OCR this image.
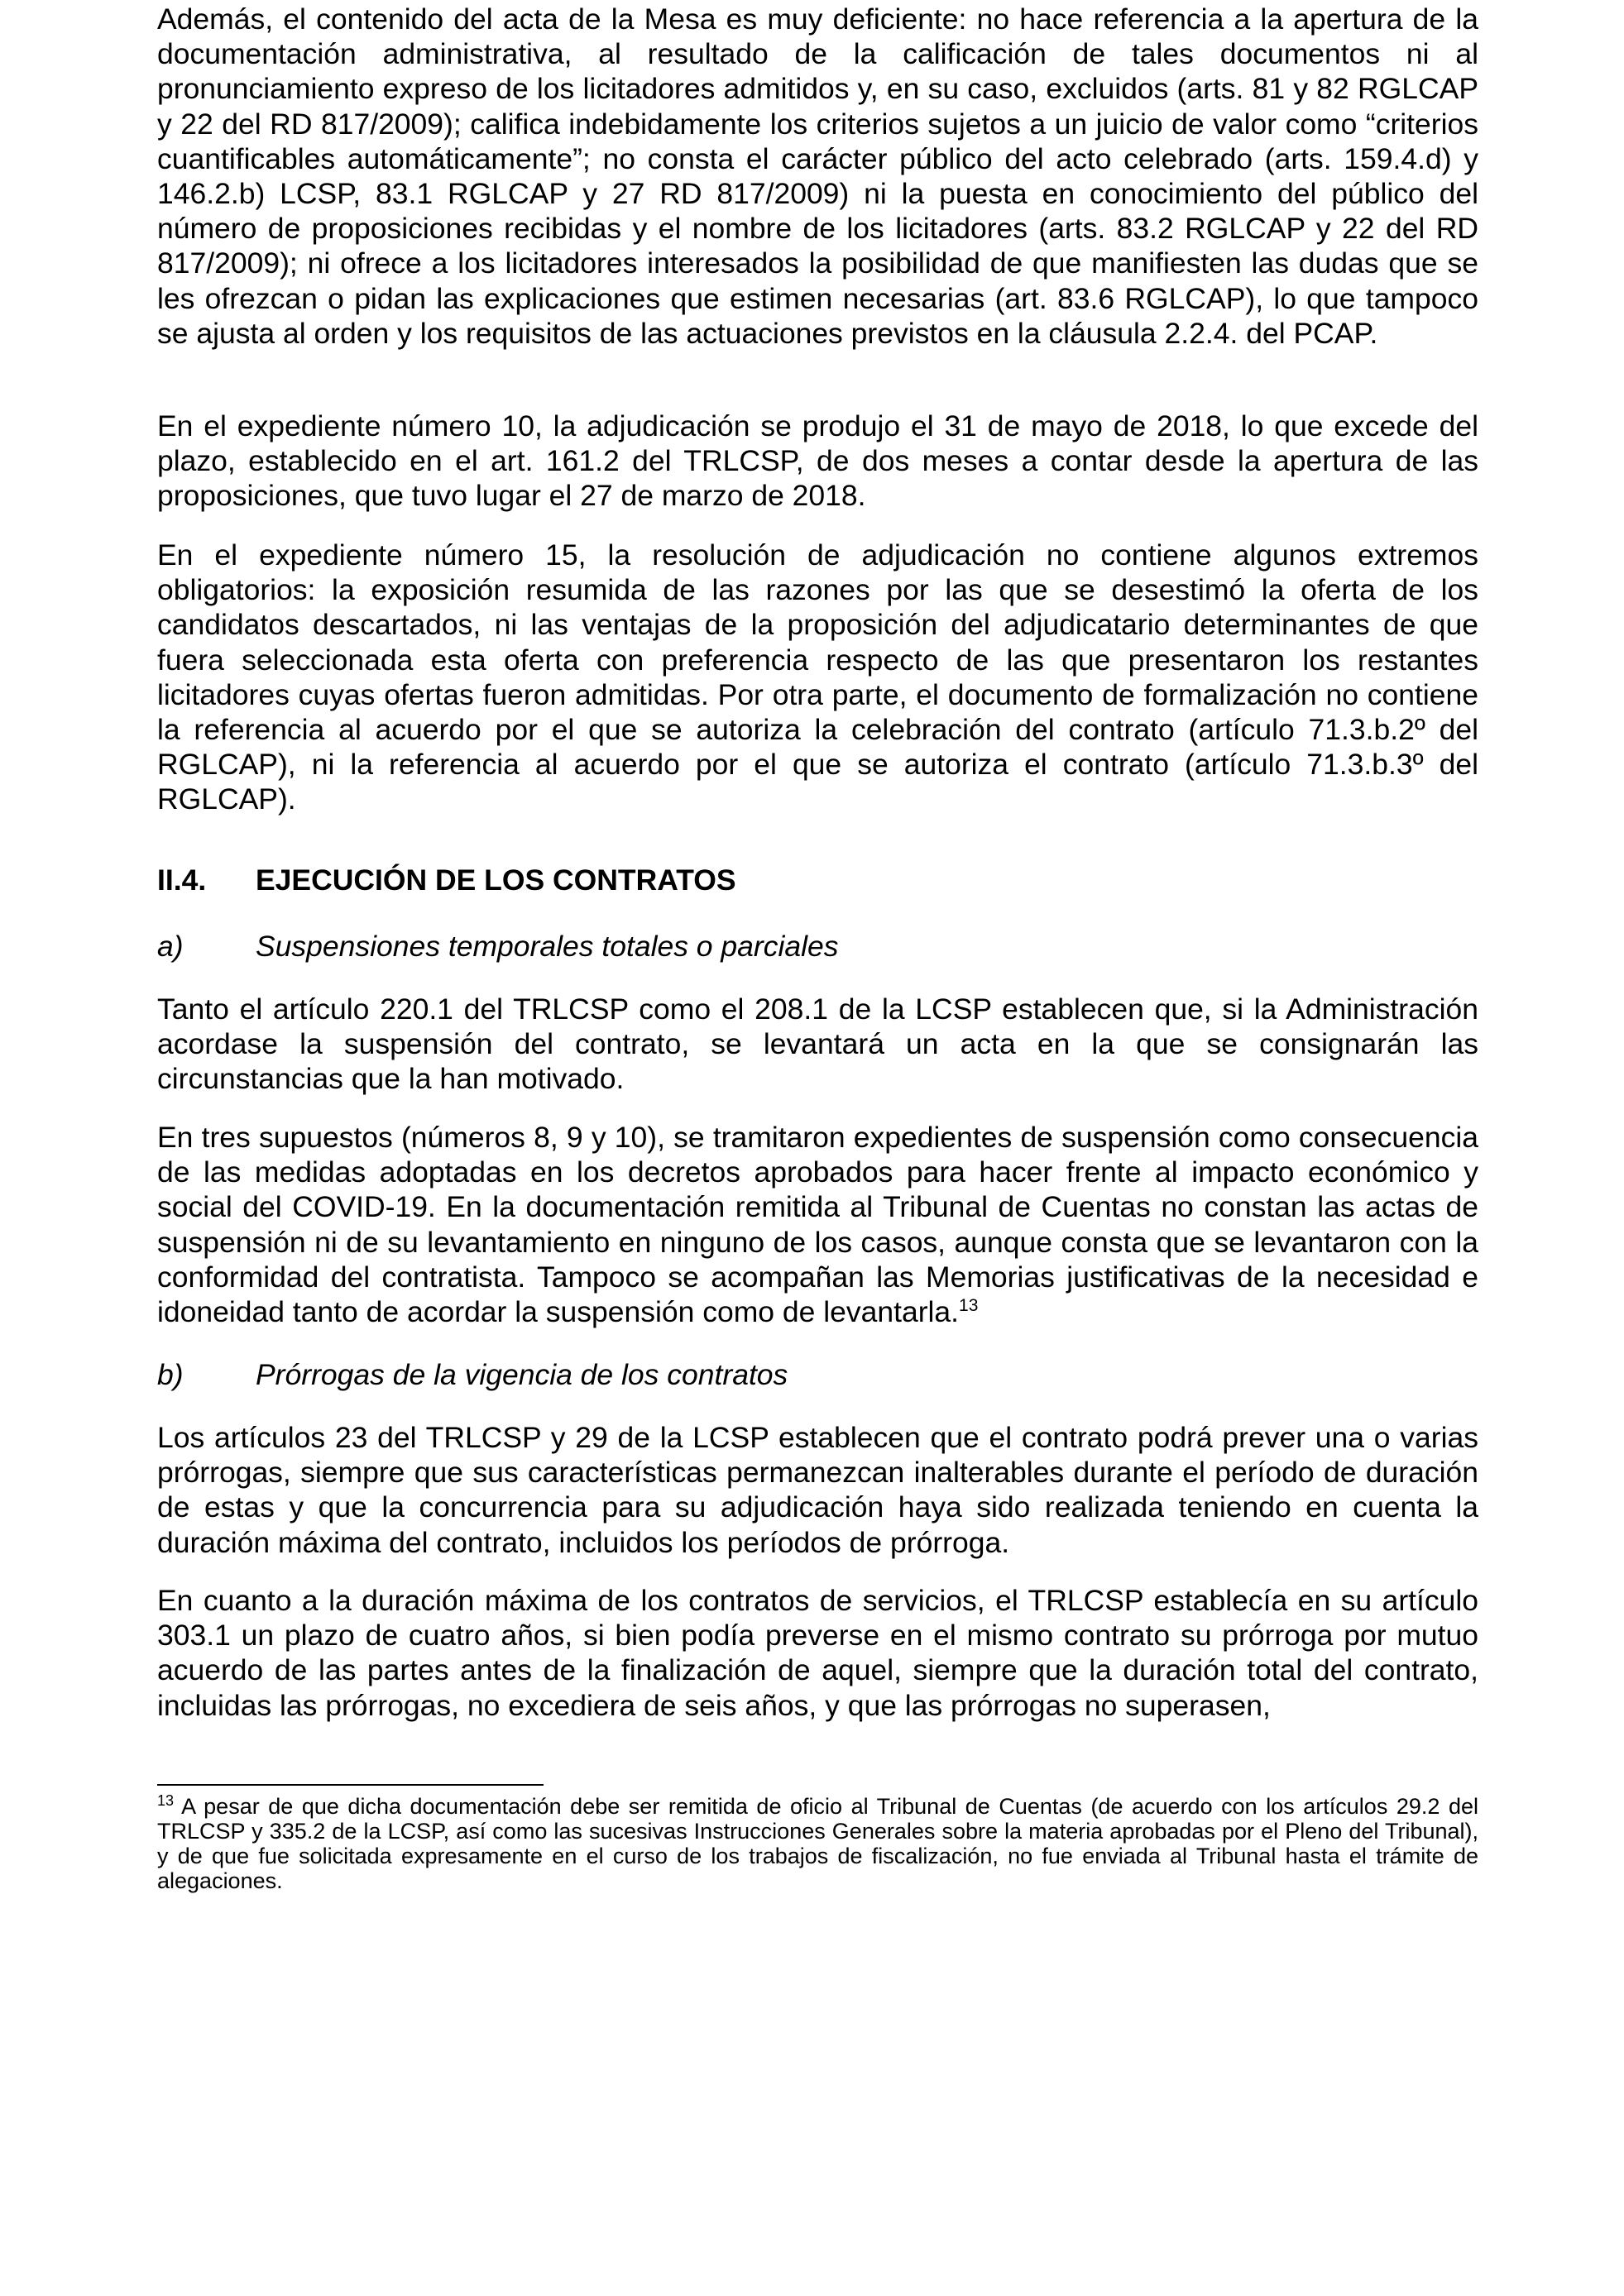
Además, el contenido del acta de la Mesa es muy deficiente: no hace referencia a la apertura de la documentación administrativa, al resultado de la calificación de tales documentos ni al pronunciamiento expreso de los licitadores admitidos y, en su caso, excluidos (arts. 81 y 82 RGLCAP y 22 del RD 817/2009); califica indebidamente los criterios sujetos a un juicio de valor como “criterios cuantificables automáticamente”; no consta el carácter público del acto celebrado (arts. 159.4.d) y 146.2.b) LCSP, 83.1 RGLCAP y 27 RD 817/2009) ni la puesta en conocimiento del público del número de proposiciones recibidas y el nombre de los licitadores (arts. 83.2 RGLCAP y 22 del RD 817/2009); ni ofrece a los licitadores interesados la posibilidad de que manifiesten las dudas que se les ofrezcan o pidan las explicaciones que estimen necesarias (art. 83.6 RGLCAP), lo que tampoco se ajusta al orden y los requisitos de las actuaciones previstos en la cláusula 2.2.4. del PCAP.

En el expediente número 10, la adjudicación se produjo el 31 de mayo de 2018, lo que excede del plazo, establecido en el art. 161.2 del TRLCSP, de dos meses a contar desde la apertura de las proposiciones, que tuvo lugar el 27 de marzo de 2018.

En el expediente número 15, la resolución de adjudicación no contiene algunos extremos obligatorios: la exposición resumida de las razones por las que se desestimó la oferta de los candidatos descartados, ni las ventajas de la proposición del adjudicatario determinantes de que fuera seleccionada esta oferta con preferencia respecto de las que presentaron los restantes licitadores cuyas ofertas fueron admitidas. Por otra parte, el documento de formalización no contiene la referencia al acuerdo por el que se autoriza la celebración del contrato (artículo 71.3.b.2º del RGLCAP), ni la referencia al acuerdo por el que se autoriza el contrato (artículo 71.3.b.3º del RGLCAP).

II.4.	EJECUCIÓN DE LOS CONTRATOS
a)	Suspensiones temporales totales o parciales

Tanto el artículo 220.1 del TRLCSP como el 208.1 de la LCSP establecen que, si la Administración acordase la suspensión del contrato, se levantará un acta en la que se consignarán las circunstancias que la han motivado.

En tres supuestos (números 8, 9 y 10), se tramitaron expedientes de suspensión como consecuencia de las medidas adoptadas en los decretos aprobados para hacer frente al impacto económico y social del COVID-19. En la documentación remitida al Tribunal de Cuentas no constan las actas de suspensión ni de su levantamiento en ninguno de los casos, aunque consta que se levantaron con la conformidad del contratista. Tampoco se acompañan las Memorias justificativas de la necesidad e idoneidad tanto de acordar la suspensión como de levantarla.$^{13}$

b)	Prórrogas de la vigencia de los contratos

Los artículos 23 del TRLCSP y 29 de la LCSP establecen que el contrato podrá prever una o varias prórrogas, siempre que sus características permanezcan inalterables durante el período de duración de estas y que la concurrencia para su adjudicación haya sido realizada teniendo en cuenta la duración máxima del contrato, incluidos los períodos de prórroga.

En cuanto a la duración máxima de los contratos de servicios, el TRLCSP establecía en su artículo 303.1 un plazo de cuatro años, si bien podía preverse en el mismo contrato su prórroga por mutuo acuerdo de las partes antes de la finalización de aquel, siempre que la duración total del contrato, incluidas las prórrogas, no excediera de seis años, y que las prórrogas no superasen,

$^{13}$ A pesar de que dicha documentación debe ser remitida de oficio al Tribunal de Cuentas (de acuerdo con los artículos 29.2 del TRLCSP y 335.2 de la LCSP, así como las sucesivas Instrucciones Generales sobre la materia aprobadas por el Pleno del Tribunal), y de que fue solicitada expresamente en el curso de los trabajos de fiscalización, no fue enviada al Tribunal hasta el trámite de alegaciones.
